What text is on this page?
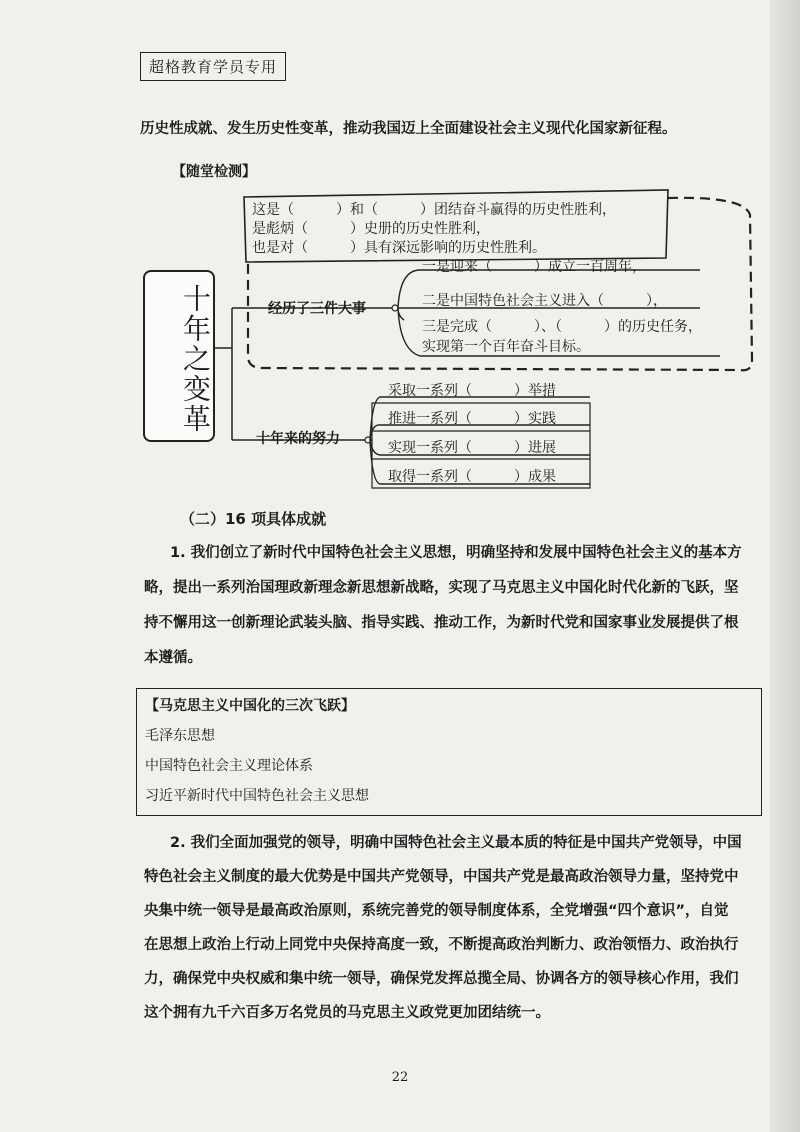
超格教育学员专用
历史性成就、发生历史性变革，推动我国迈上全面建设社会主义现代化国家新征程。
【随堂检测】
这是（　　　）和（　　　）团结奋斗赢得的历史性胜利，
是彪炳（　　　）史册的历史性胜利，
也是对（　　　）具有深远影响的历史性胜利。
十年之变革	经历了三件大事
一是迎来（　　　）成立一百周年，
二是中国特色社会主义进入（　　　），
三是完成（　　　）、（　　　）的历史任务，
实现第一个百年奋斗目标。
十年来的努力
采取一系列（　　　）举措
推进一系列（　　　）实践
实现一系列（　　　）进展
取得一系列（　　　）成果
（二）16 项具体成就
1. 我们创立了新时代中国特色社会主义思想，明确坚持和发展中国特色社会主义的基本方
略，提出一系列治国理政新理念新思想新战略，实现了马克思主义中国化时代化新的飞跃，坚
持不懈用这一创新理论武装头脑、指导实践、推动工作，为新时代党和国家事业发展提供了根
本遵循。
【马克思主义中国化的三次飞跃】
毛泽东思想
中国特色社会主义理论体系
习近平新时代中国特色社会主义思想
2. 我们全面加强党的领导，明确中国特色社会主义最本质的特征是中国共产党领导，中国
特色社会主义制度的最大优势是中国共产党领导，中国共产党是最高政治领导力量，坚持党中
央集中统一领导是最高政治原则，系统完善党的领导制度体系，全党增强“四个意识”，自觉
在思想上政治上行动上同党中央保持高度一致，不断提高政治判断力、政治领悟力、政治执行
力，确保党中央权威和集中统一领导，确保党发挥总揽全局、协调各方的领导核心作用，我们
这个拥有九千六百多万名党员的马克思主义政党更加团结统一。
22
